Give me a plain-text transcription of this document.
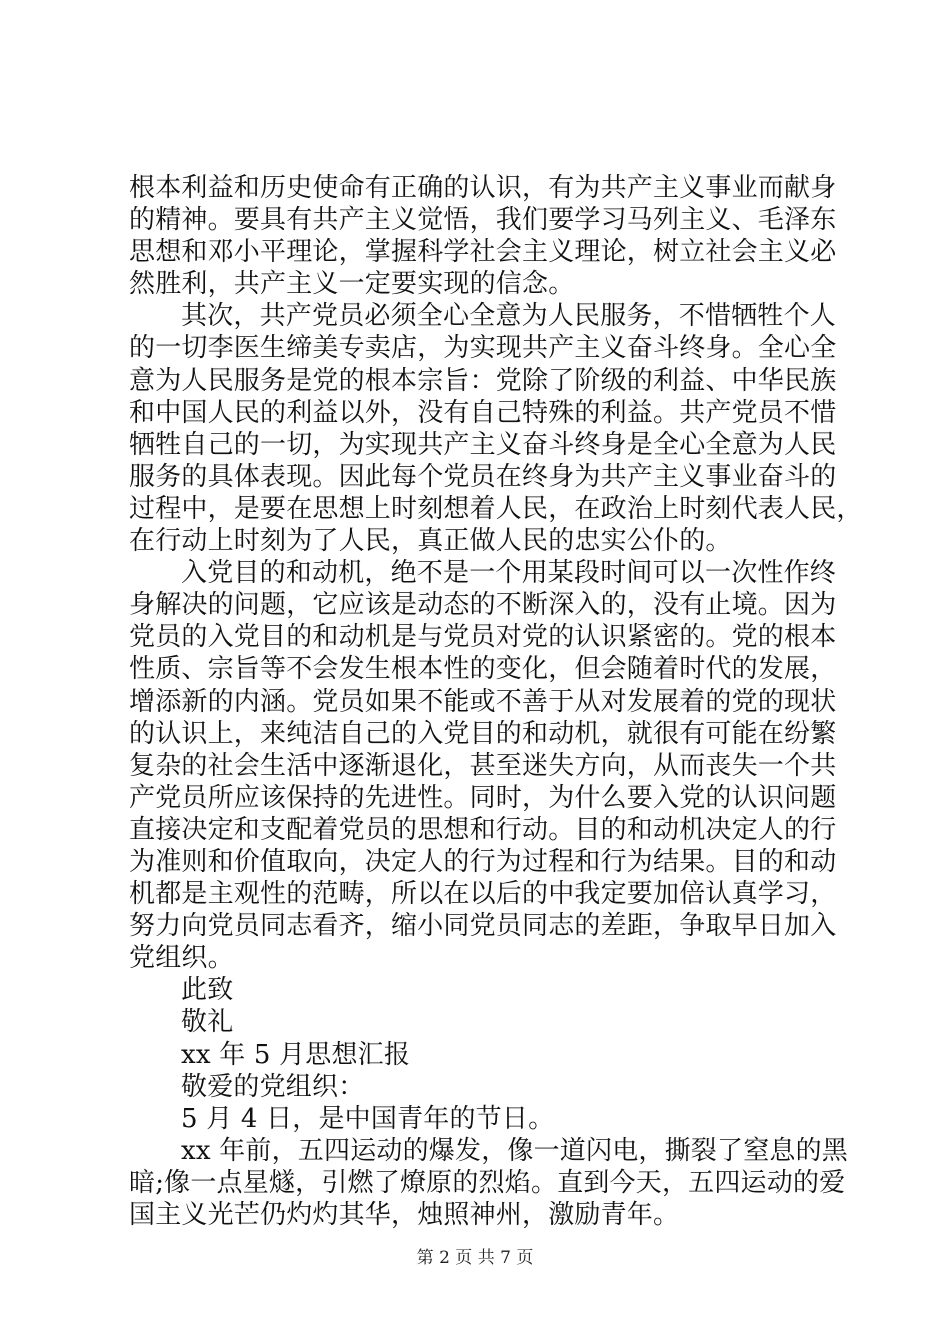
根本利益和历史使命有正确的认识，有为共产主义事业而献身
的精神。要具有共产主义觉悟，我们要学习马列主义、毛泽东
思想和邓小平理论，掌握科学社会主义理论，树立社会主义必
然胜利，共产主义一定要实现的信念。
其次，共产党员必须全心全意为人民服务，不惜牺牲个人
的一切李医生缔美专卖店，为实现共产主义奋斗终身。全心全
意为人民服务是党的根本宗旨：党除了阶级的利益、中华民族
和中国人民的利益以外，没有自己特殊的利益。共产党员不惜
牺牲自己的一切，为实现共产主义奋斗终身是全心全意为人民
服务的具体表现。因此每个党员在终身为共产主义事业奋斗的
过程中，是要在思想上时刻想着人民，在政治上时刻代表人民，
在行动上时刻为了人民，真正做人民的忠实公仆的。
入党目的和动机，绝不是一个用某段时间可以一次性作终
身解决的问题，它应该是动态的不断深入的，没有止境。因为
党员的入党目的和动机是与党员对党的认识紧密的。党的根本
性质、宗旨等不会发生根本性的变化，但会随着时代的发展，
增添新的内涵。党员如果不能或不善于从对发展着的党的现状
的认识上，来纯洁自己的入党目的和动机，就很有可能在纷繁
复杂的社会生活中逐渐退化，甚至迷失方向，从而丧失一个共
产党员所应该保持的先进性。同时，为什么要入党的认识问题
直接决定和支配着党员的思想和行动。目的和动机决定人的行
为准则和价值取向，决定人的行为过程和行为结果。目的和动
机都是主观性的范畴，所以在以后的中我定要加倍认真学习，
努力向党员同志看齐，缩小同党员同志的差距，争取早日加入
党组织。
此致
敬礼
xx 年 5 月思想汇报
敬爱的党组织：
5 月 4 日，是中国青年的节日。
xx 年前，五四运动的爆发，像一道闪电，撕裂了窒息的黑
暗;像一点星燧，引燃了燎原的烈焰。直到今天，五四运动的爱
国主义光芒仍灼灼其华，烛照神州，激励青年。
第 2 页 共 7 页
